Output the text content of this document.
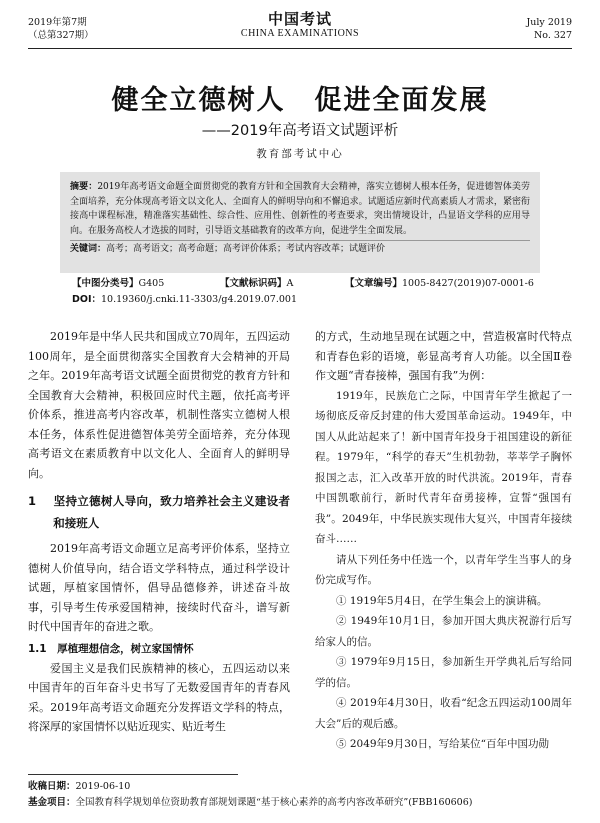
2019年第7期
（总第327期）
中国考试
CHINA EXAMINATIONS
July 2019
No. 327
健全立德树人　促进全面发展
——2019年高考语文试题评析
教育部考试中心
摘要：2019年高考语文命题全面贯彻党的教育方针和全国教育大会精神，落实立德树人根本任务，促进德智体美劳全面培养，充分体现高考语文以文化人、全面育人的鲜明导向和不懈追求。试题适应新时代高素质人才需求，紧密衔接高中课程标准，精准落实基础性、综合性、应用性、创新性的考查要求，突出情境设计，凸显语文学科的应用导向。在服务高校人才选拔的同时，引导语文基础教育的改革方向，促进学生全面发展。
关键词：高考；高考语文；高考命题；高考评价体系；考试内容改革；试题评价
【中图分类号】G405	【文献标识码】A	【文章编号】1005-8427(2019)07-0001-6
DOI：10.19360/j.cnki.11-3303/g4.2019.07.001

2019年是中华人民共和国成立70周年，五四运动100周年，是全面贯彻落实全国教育大会精神的开局之年。2019年高考语文试题全面贯彻党的教育方针和全国教育大会精神，积极回应时代主题，依托高考评价体系，推进高考内容改革，机制性落实立德树人根本任务，体系性促进德智体美劳全面培养，充分体现高考语文在素质教育中以文化人、全面育人的鲜明导向。

1 坚持立德树人导向，致力培养社会主义建设者和接班人

2019年高考语文命题立足高考评价体系，坚持立德树人价值导向，结合语文学科特点，通过科学设计试题，厚植家国情怀，倡导品德修养，讲述奋斗故事，引导考生传承爱国精神，接续时代奋斗，谱写新时代中国青年的奋进之歌。

1.1　 厚植理想信念，树立家国情怀

爱国主义是我们民族精神的核心，五四运动以来中国青年的百年奋斗史书写了无数爱国青年的青春风采。2019年高考语文命题充分发挥语文学科的特点，将深厚的家国情怀以贴近现实、贴近考生

的方式，生动地呈现在试题之中，营造极富时代特点和青春色彩的语境，彰显高考育人功能。以全国Ⅱ卷作文题“青春接棒，强国有我”为例：

1919年，民族危亡之际，中国青年学生掀起了一场彻底反帝反封建的伟大爱国革命运动。1949年，中国人从此站起来了！新中国青年投身于祖国建设的新征程。1979年，“科学的春天”生机勃勃，莘莘学子胸怀报国之志，汇入改革开放的时代洪流。2019年，青春中国凯歌前行，新时代青年奋勇接棒，宣誓“强国有我”。2049年，中华民族实现伟大复兴，中国青年接续奋斗……

请从下列任务中任选一个，以青年学生当事人的身份完成写作。

① 1919年5月4日，在学生集会上的演讲稿。

② 1949年10月1日，参加开国大典庆祝游行后写给家人的信。

③ 1979年9月15日，参加新生开学典礼后写给同学的信。

④ 2019年4月30日，收看“纪念五四运动100周年大会”后的观后感。

⑤ 2049年9月30日，写给某位“百年中国功勋

收稿日期：2019-06-10
基金项目：全国教育科学规划单位资助教育部规划课题“基于核心素养的高考内容改革研究”(FBB160606)
